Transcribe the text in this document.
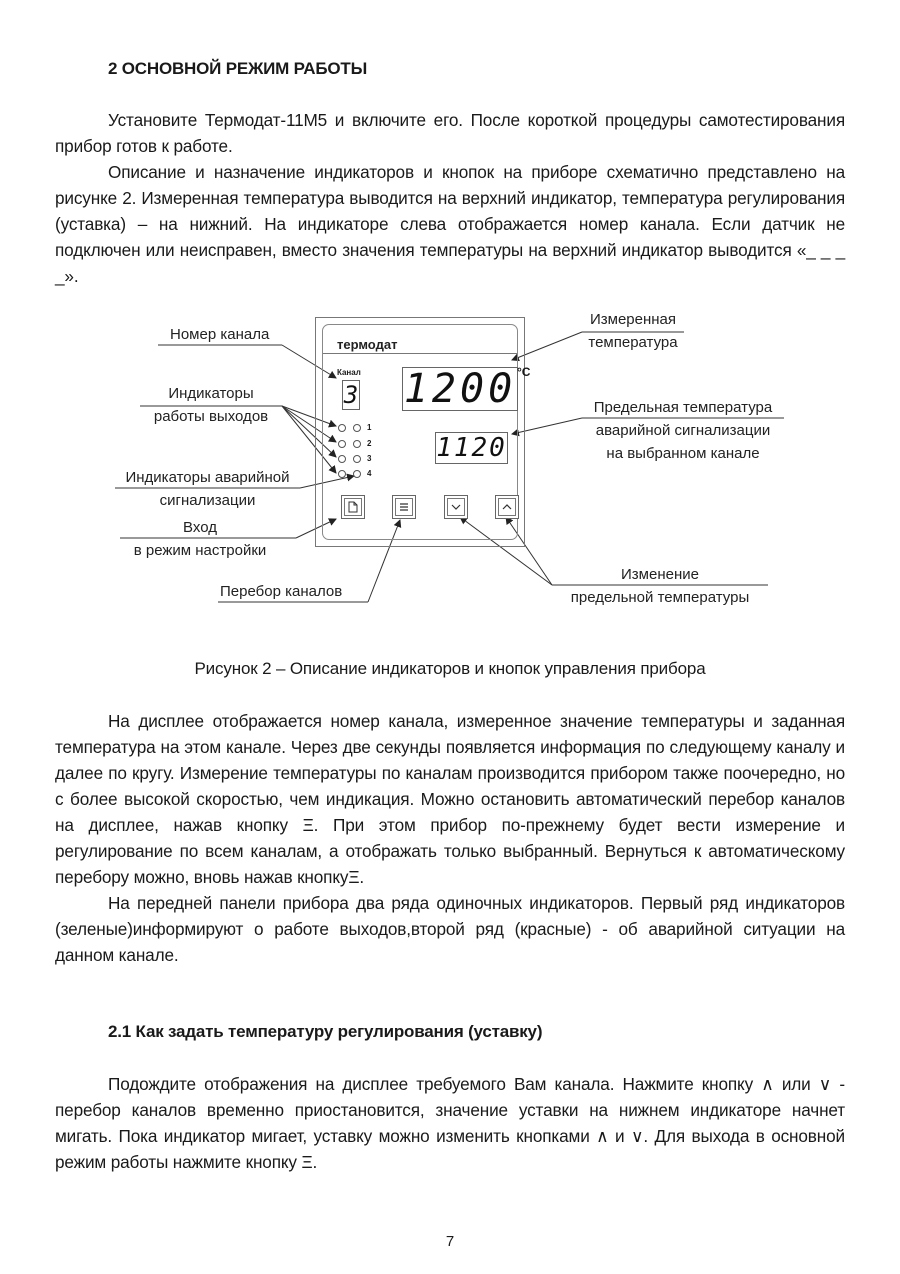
2 ОСНОВНОЙ РЕЖИМ РАБОТЫ

Установите Термодат-11М5 и включите его. После короткой процедуры самотестирования прибор готов к работе.

Описание и назначение индикаторов и кнопок на приборе схематично представлено на рисунке 2. Измеренная температура выводится на верхний индикатор, температура регулирования (уставка) – на нижний. На индикаторе слева отображается номер канала. Если датчик не подключен или неисправен, вместо значения температуры на верхний индикатор выводится «_ _ _ _».

Номер канала
Индикаторы
работы выходов
Индикаторы аварийной
сигнализации
Вход
в режим настройки
Перебор каналов
Измеренная
температура
Предельная температура
аварийной сигнализации
на выбранном канале
Изменение
предельной температуры
термодат
Канал
3 1200 °C
1120
1
2
3
4
Рисунок 2 – Описание индикаторов и кнопок управления прибора

На дисплее отображается номер канала, измеренное значение температуры и заданная температура на этом канале. Через две секунды появляется информация по следующему каналу и далее по кругу. Измерение температуры по каналам производится прибором также поочередно, но с более высокой скоростью, чем индикация. Можно остановить автоматический перебор каналов на дисплее, нажав кнопку Ξ. При этом прибор по-прежнему будет вести измерение и регулирование по всем каналам, а отображать только выбранный. Вернуться к автоматическому перебору можно, вновь нажав кнопкуΞ.

На передней панели прибора два ряда одиночных индикаторов. Первый ряд индикаторов (зеленые)информируют о работе выходов,второй ряд (красные) - об аварийной ситуации на данном канале.

2.1 Как задать температуру регулирования (уставку)

Подождите отображения на дисплее требуемого Вам канала. Нажмите кнопку ∧ или ∨ - перебор каналов временно приостановится, значение уставки на нижнем индикаторе начнет мигать. Пока индикатор мигает, уставку можно изменить кнопками ∧ и ∨. Для выхода в основной режим работы нажмите кнопку Ξ.

7
